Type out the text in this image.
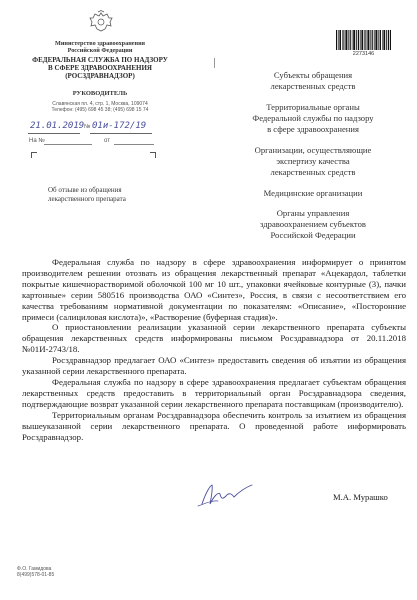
Министерство здравоохранения
Российской Федерации
ФЕДЕРАЛЬНАЯ СЛУЖБА ПО НАДЗОРУ
В СФЕРЕ ЗДРАВООХРАНЕНИЯ
(РОСЗДРАВНАДЗОР)
РУКОВОДИТЕЛЬ
Славянская пл. 4, стр. 1, Москва, 109074
Телефон: (495) 698 45 38; (495) 698 15 74
21.01.2019 № 01и-172/19
На №	от
Об отзыве из обращения
лекарственного препарата
2273146
Субъекты обращения
лекарственных средств
Территориальные органы
Федеральной службы по надзору
в сфере здравоохранения
Организации, осуществляющие
экспертизу качества
лекарственных средств
Медицинские организации
Органы управления
здравоохранением субъектов
Российской Федерации

Федеральная служба по надзору в сфере здравоохранения информирует о принятом производителем решении отозвать из обращения лекарственный препарат «Ацекардол, таблетки покрытые кишечнорастворимой оболочкой 100 мг 10 шт., упаковки ячейковые контурные (3), пачки картонные» серии 580516 производства ОАО «Синтез», Россия, в связи с несоответствием его качества требованиям нормативной документации по показателям: «Описание», «Посторонние примеси (салициловая кислота)», «Растворение (буферная стадия)».

О приостановлении реализации указанной серии лекарственного препарата субъекты обращения лекарственных средств информированы письмом Росздравнадзора от 20.11.2018 №01И-2743/18.

Росздравнадзор предлагает ОАО «Синтез» предоставить сведения об изъятии из обращения указанной серии лекарственного препарата.

Федеральная служба по надзору в сфере здравоохранения предлагает субъектам обращения лекарственных средств предоставить в территориальный орган Росздравнадзора сведения, подтверждающие возврат указанной серии лекарственного препарата поставщикам (производителю).

Территориальным органам Росздравнадзора обеспечить контроль за изъятием из обращения вышеуказанной серии лекарственного препарата. О проведенной работе информировать Росздравнадзор.

М.А. Мурашко
Ф.О. Гамидова
8(499)578-01-85
